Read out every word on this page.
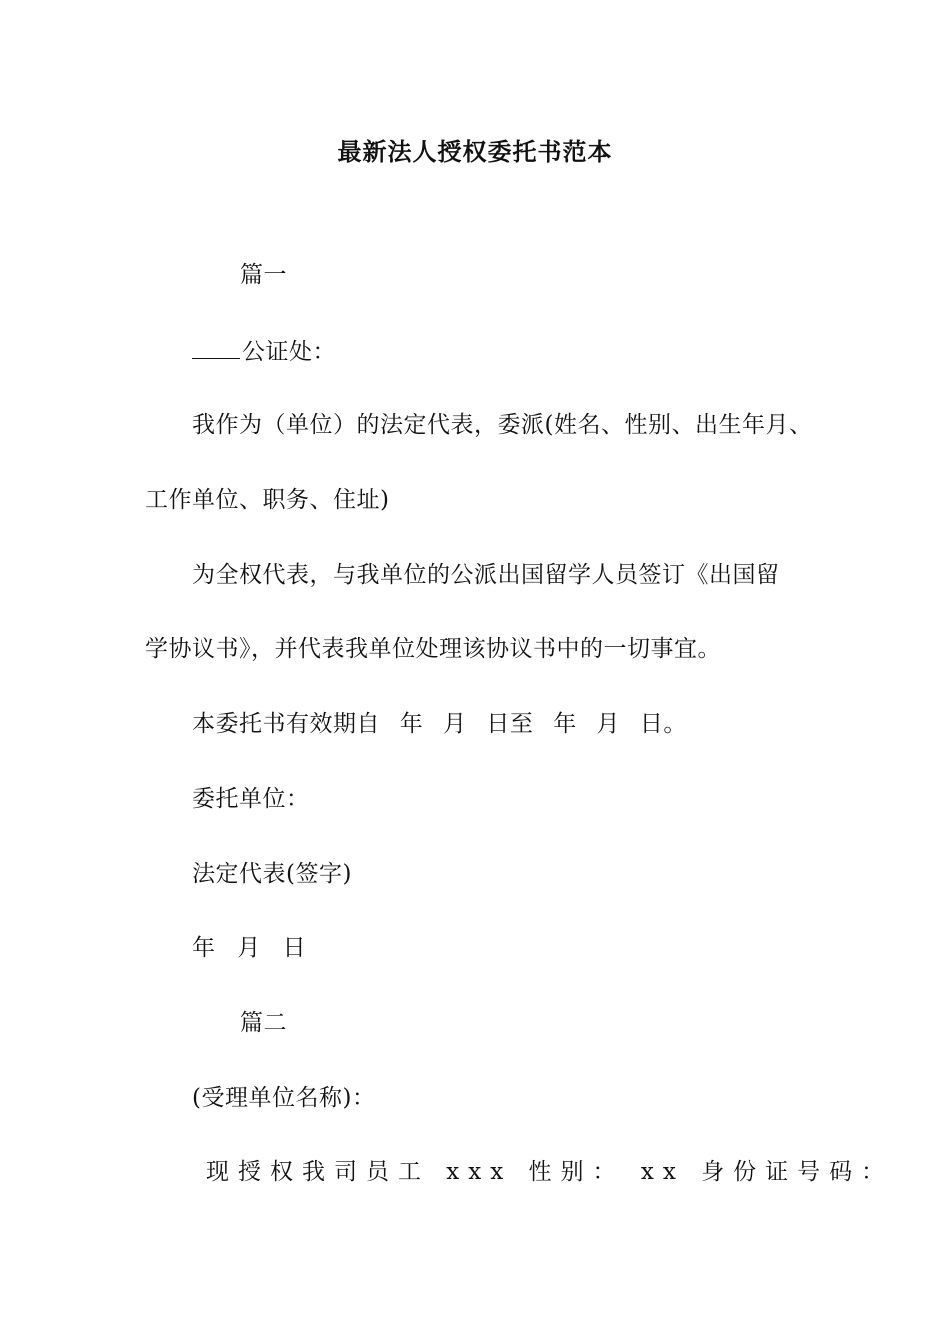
最新法人授权委托书范本
篇一
公证处：
我作为（单位）的法定代表，委派(姓名、性别、出生年月、
工作单位、职务、住址)
为全权代表，与我单位的公派出国留学人员签订《出国留
学协议书》，并代表我单位处理该协议书中的一切事宜。
本委托书有效期自 年 月 日至 年 月 日。
委托单位：
法定代表(签字)
年 月 日
篇二
(受理单位名称)：
现授权我司员工 xxx 性别： xx 身份证号码：
